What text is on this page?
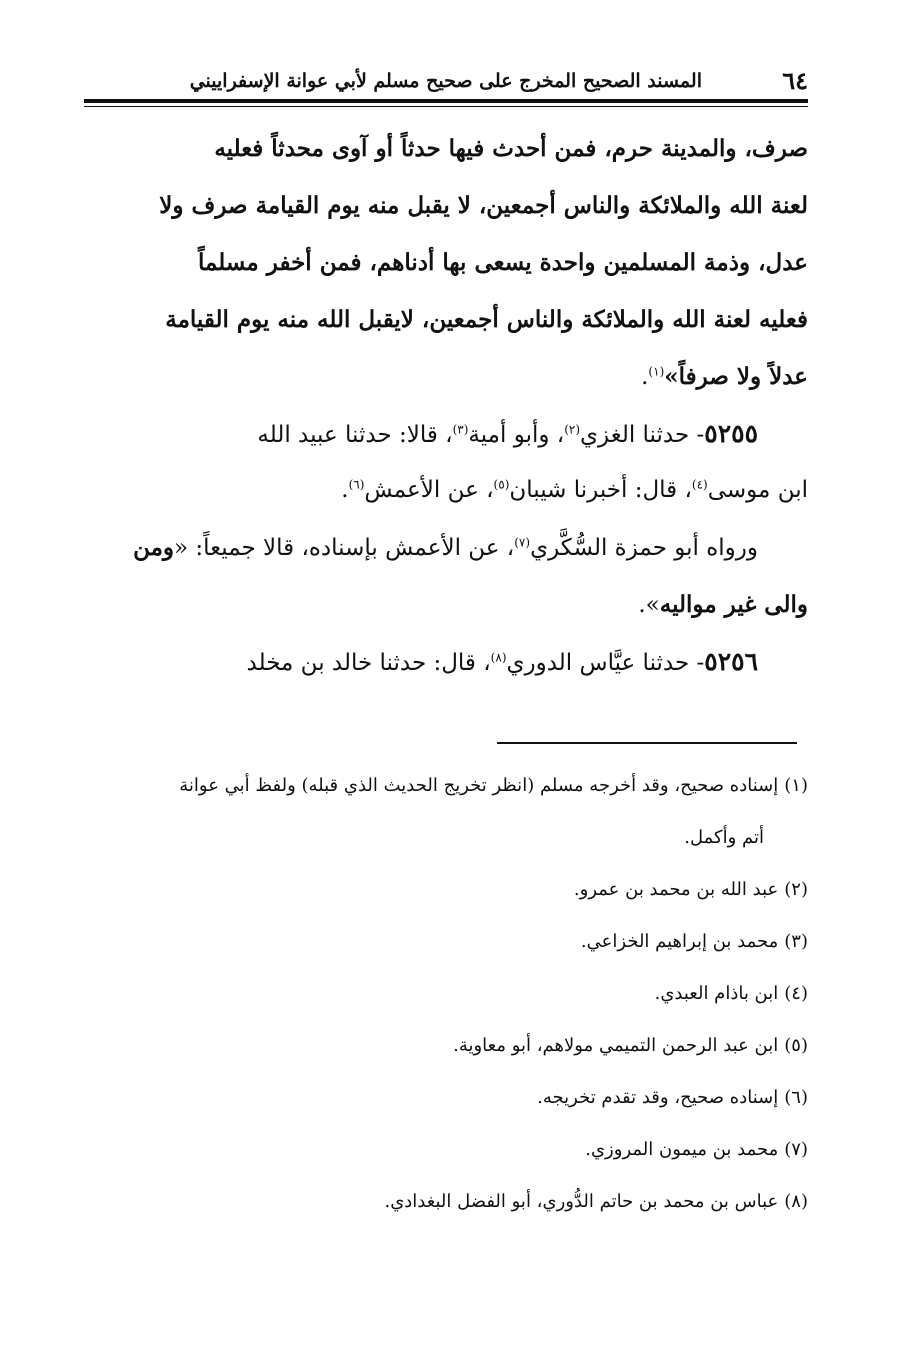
٦٤
المسند الصحيح المخرج على صحيح مسلم لأبي عوانة الإسفراييني
صرف، والمدينة حرم، فمن أحدث فيها حدثاً أو آوى محدثاً فعليه
لعنة الله والملائكة والناس أجمعين، لا يقبل منه يوم القيامة صرف ولا
عدل، وذمة المسلمين واحدة يسعى بها أدناهم، فمن أخفر مسلماً
فعليه لعنة الله والملائكة والناس أجمعين، لايقبل الله منه يوم القيامة
عدلاً ولا صرفاً»$^{(١)}$.
٥٢٥٥- حدثنا الغزي$^{(٢)}$، وأبو أمية$^{(٣)}$، قالا: حدثنا عبيد الله
ابن موسى$^{(٤)}$، قال: أخبرنا شيبان$^{(٥)}$، عن الأعمش$^{(٦)}$.
ورواه أبو حمزة السُّكَّري$^{(٧)}$، عن الأعمش بإسناده، قالا جميعاً: «ومن
والى غير مواليه».
٥٢٥٦- حدثنا عيَّاس الدوري$^{(٨)}$، قال: حدثنا خالد بن مخلد
(١)إسناده صحيح، وقد أخرجه مسلم (انظر تخريج الحديث الذي قبله) ولفظ أبي عوانة
أتم وأكمل.
(٢)عبد الله بن محمد بن عمرو.
(٣)محمد بن إبراهيم الخزاعي.
(٤)ابن باذام العبدي.
(٥)ابن عبد الرحمن التميمي مولاهم، أبو معاوية.
(٦)إسناده صحيح، وقد تقدم تخريجه.
(٧)محمد بن ميمون المروزي.
(٨)عباس بن محمد بن حاتم الدُّوري، أبو الفضل البغدادي.
